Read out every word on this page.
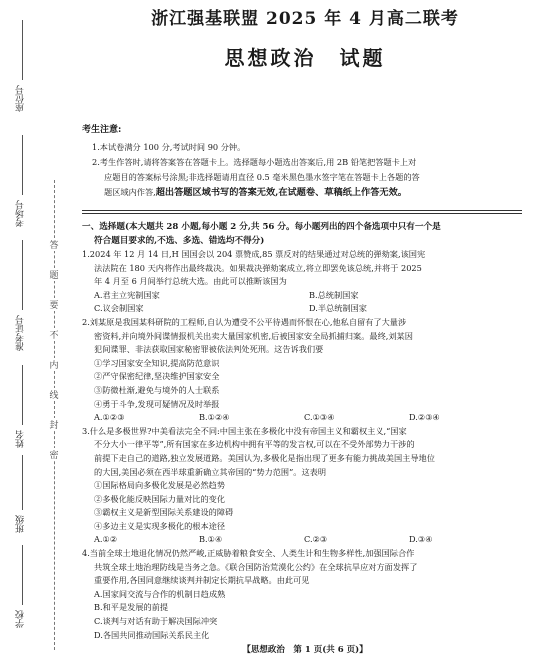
座位号
考场号
准考证号
姓名
班级
学校
答
题
要
不
内
线
封
密
浙江强基联盟 2025 年 4 月高二联考
思想政治　试题
考生注意:
1.本试卷满分 100 分,考试时间 90 分钟。
2.考生作答时,请将答案答在答题卡上。选择题每小题选出答案后,用 2B 铅笔把答题卡上对
应题目的答案标号涂黑;非选择题请用直径 0.5 毫米黑色墨水签字笔在答题卡上各题的答
题区域内作答,超出答题区域书写的答案无效,在试题卷、草稿纸上作答无效。

一、选择题(本大题共 28 小题,每小题 2 分,共 56 分。每小题列出的四个备选项中只有一个是

符合题目要求的,不选、多选、错选均不得分)

1.2024 年 12 月 14 日,H 国国会以 204 票赞成,85 票反对的结果通过对总统的弹劾案,该国宪

法法院在 180 天内将作出最终裁决。如果裁决弹劾案成立,将立即罢免该总统,并将于 2025

年 4 月至 6 月间举行总统大选。由此可以推断该国为

A.君主立宪制国家	B.总统制国家
C.议会制国家	D.半总统制国家

2.刘某原是我国某科研院的工程师,自认为遭受不公平待遇而怀恨在心,他私自留有了大量涉

密资料,并向境外间谍情报机关出卖大量国家机密,后被国家安全局抓捕归案。最终,刘某因

犯间谍罪、非法获取国家秘密罪被依法判处死刑。这告诉我们要

①学习国家安全知识,提高防范意识

②严守保密纪律,坚决维护国家安全

③防微杜渐,避免与境外的人士联系

④勇于斗争,发现可疑情况及时举报

A.①②③	B.①②④	C.①③④	D.②③④

3.什么是多极世界?中美看法完全不同:中国主张在多极化中没有帝国主义和霸权主义,“国家

不分大小一律平等”,所有国家在多边机构中拥有平等的发言权,可以在不受外部势力干涉的

前提下走自己的道路,独立发展道路。美国认为,多极化是指出现了更多有能力挑战美国主导地位

的大国,美国必须在西半球重新确立其帝国的“势力范围”。这表明

①国际格局向多极化发展是必然趋势

②多极化能反映国际力量对比的变化

③霸权主义是新型国际关系建设的障碍

④多边主义是实现多极化的根本途径

A.①②	B.①④	C.②③	D.③④

4.当前全球土地退化情况仍然严峻,正威胁着粮食安全、人类生计和生物多样性,加强国际合作

共筑全球土地治理防线是当务之急。《联合国防治荒漠化公约》在全球抗旱应对方面发挥了

重要作用,各国同意继续谈判并制定长期抗旱战略。由此可见

A.国家间交流与合作的机制日趋成熟

B.和平是发展的前提

C.谈判与对话有助于解决国际冲突

D.各国共同推动国际关系民主化

【思想政治　第 1 页(共 6 页)】
